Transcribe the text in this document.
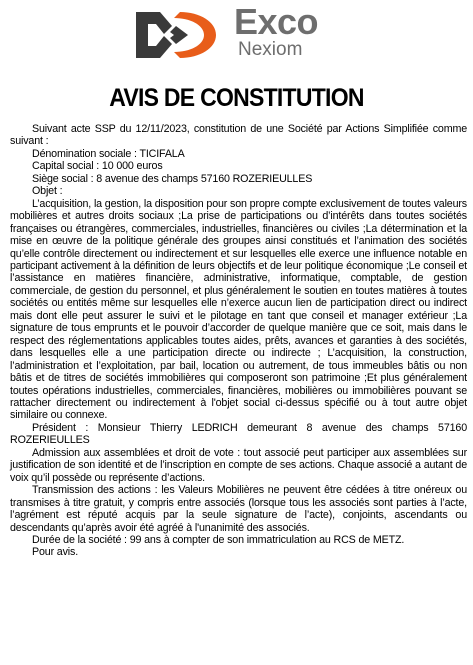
Exco
Nexiom
AVIS DE CONSTITUTION

Suivant acte SSP du 12/11/2023, constitution de une Société par Actions Simplifiée comme suivant :

Dénomination sociale : TICIFALA

Capital social : 10 000 euros

Siège social : 8 avenue des champs 57160 ROZERIEULLES

Objet :

L’acquisition, la gestion, la disposition pour son propre compte exclusivement de toutes valeurs mobilières et autres droits sociaux ;La prise de participations ou d’intérêts dans toutes sociétés françaises ou étrangères, commerciales, industrielles, financières ou civiles ;La détermination et la mise en œuvre de la politique générale des groupes ainsi constitués et l’animation des sociétés qu’elle contrôle directement ou indirectement et sur lesquelles elle exerce une influence notable en participant activement à la définition de leurs objectifs et de leur politique économique ;Le conseil et l’assistance en matières financière, administrative, informatique, comptable, de gestion commerciale, de gestion du personnel, et plus généralement le soutien en toutes matières à toutes sociétés ou entités même sur lesquelles elle n’exerce aucun lien de participation direct ou indirect mais dont elle peut assurer le suivi et le pilotage en tant que conseil et manager extérieur ;La signature de tous emprunts et le pouvoir d’accorder de quelque manière que ce soit, mais dans le respect des réglementations applicables toutes aides, prêts, avances et garanties à des sociétés, dans lesquelles elle a une participation directe ou indirecte ; L’acquisition, la construction, l’administration et l’exploitation, par bail, location ou autrement, de tous immeubles bâtis ou non bâtis et de titres de sociétés immobilières qui composeront son patrimoine ;Et plus généralement toutes opérations industrielles, commerciales, financières, mobilières ou immobilières pouvant se rattacher directement ou indirectement à l'objet social ci-dessus spécifié ou à tout autre objet similaire ou connexe.

Président : Monsieur Thierry LEDRICH demeurant 8 avenue des champs 57160 ROZERIEULLES

Admission aux assemblées et droit de vote : tout associé peut participer aux assemblées sur justification de son identité et de l’inscription en compte de ses actions. Chaque associé a autant de voix qu’il possède ou représente d’actions.

Transmission des actions : les Valeurs Mobilières ne peuvent être cédées à titre onéreux ou transmises à titre gratuit, y compris entre associés (lorsque tous les associés sont parties à l’acte, l’agrément est réputé acquis par la seule signature de l’acte), conjoints, ascendants ou descendants qu’après avoir été agréé à l'unanimité des associés.

Durée de la société : 99 ans à compter de son immatriculation au RCS de METZ.

Pour avis.
